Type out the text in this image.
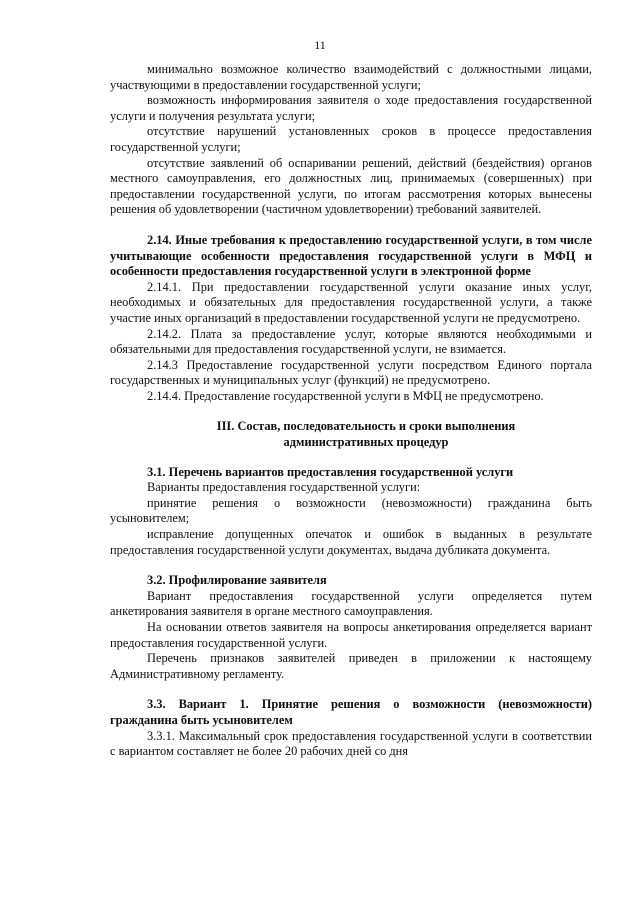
11

минимально возможное количество взаимодействий с должностными лицами, участвующими в предоставлении государственной услуги;

возможность информирования заявителя о ходе предоставления государственной услуги и получения результата услуги;

отсутствие нарушений установленных сроков в процессе предоставления государственной услуги;

отсутствие заявлений об оспаривании решений, действий (бездействия) органов местного самоуправления, его должностных лиц, принимаемых (совершенных) при предоставлении государственной услуги, по итогам рассмотрения которых вынесены решения об удовлетворении (частичном удовлетворении) требований заявителей.

2.14. Иные требования к предоставлению государственной услуги, в том числе учитывающие особенности предоставления государственной услуги в МФЦ и особенности предоставления государственной услуги в электронной форме

2.14.1. При предоставлении государственной услуги оказание иных услуг, необходимых и обязательных для предоставления государственной услуги, а также участие иных организаций в предоставлении государственной услуги не предусмотрено.

2.14.2. Плата за предоставление услуг, которые являются необходимыми и обязательными для предоставления государственной услуги, не взимается.

2.14.3 Предоставление государственной услуги посредством Единого портала государственных и муниципальных услуг (функций) не предусмотрено.

2.14.4. Предоставление государственной услуги в МФЦ не предусмотрено.

III. Состав, последовательность и сроки выполнения

административных процедур

3.1. Перечень вариантов предоставления государственной услуги

Варианты предоставления государственной услуги:

принятие решения о возможности (невозможности) гражданина быть усыновителем;

исправление допущенных опечаток и ошибок в выданных в результате предоставления государственной услуги документах, выдача дубликата документа.

3.2. Профилирование заявителя

Вариант предоставления государственной услуги определяется путем анкетирования заявителя в органе местного самоуправления.

На основании ответов заявителя на вопросы анкетирования определяется вариант предоставления государственной услуги.

Перечень признаков заявителей приведен в приложении к настоящему Административному регламенту.

3.3. Вариант 1. Принятие решения о возможности (невозможности) гражданина быть усыновителем

3.3.1. Максимальный срок предоставления государственной услуги в соответствии с вариантом составляет не более 20 рабочих дней со дня
